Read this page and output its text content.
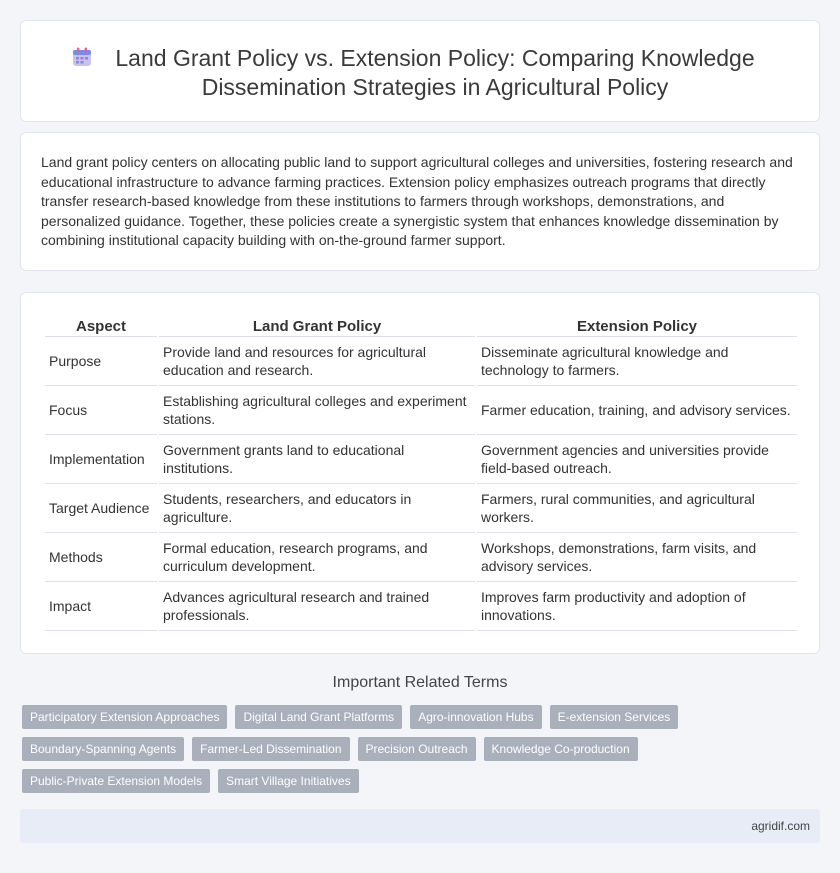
Land Grant Policy vs. Extension Policy: Comparing Knowledge Dissemination Strategies in Agricultural Policy

Land grant policy centers on allocating public land to support agricultural colleges and universities, fostering research and educational infrastructure to advance farming practices. Extension policy emphasizes outreach programs that directly transfer research-based knowledge from these institutions to farmers through workshops, demonstrations, and personalized guidance. Together, these policies create a synergistic system that enhances knowledge dissemination by combining institutional capacity building with on-the-ground farmer support.

Aspect	Land Grant Policy	Extension Policy
Purpose	Provide land and resources for agricultural education and research.	Disseminate agricultural knowledge and technology to farmers.
Focus	Establishing agricultural colleges and experiment stations.	Farmer education, training, and advisory services.
Implementation	Government grants land to educational institutions.	Government agencies and universities provide field-based outreach.
Target Audience	Students, researchers, and educators in agriculture.	Farmers, rural communities, and agricultural workers.
Methods	Formal education, research programs, and curriculum development.	Workshops, demonstrations, farm visits, and advisory services.
Impact	Advances agricultural research and trained professionals.	Improves farm productivity and adoption of innovations.
Important Related Terms
Participatory Extension Approaches	Digital Land Grant Platforms	Agro-innovation Hubs	E-extension Services
Boundary-Spanning Agents	Farmer-Led Dissemination	Precision Outreach	Knowledge Co-production
Public-Private Extension Models	Smart Village Initiatives
agridif.com
